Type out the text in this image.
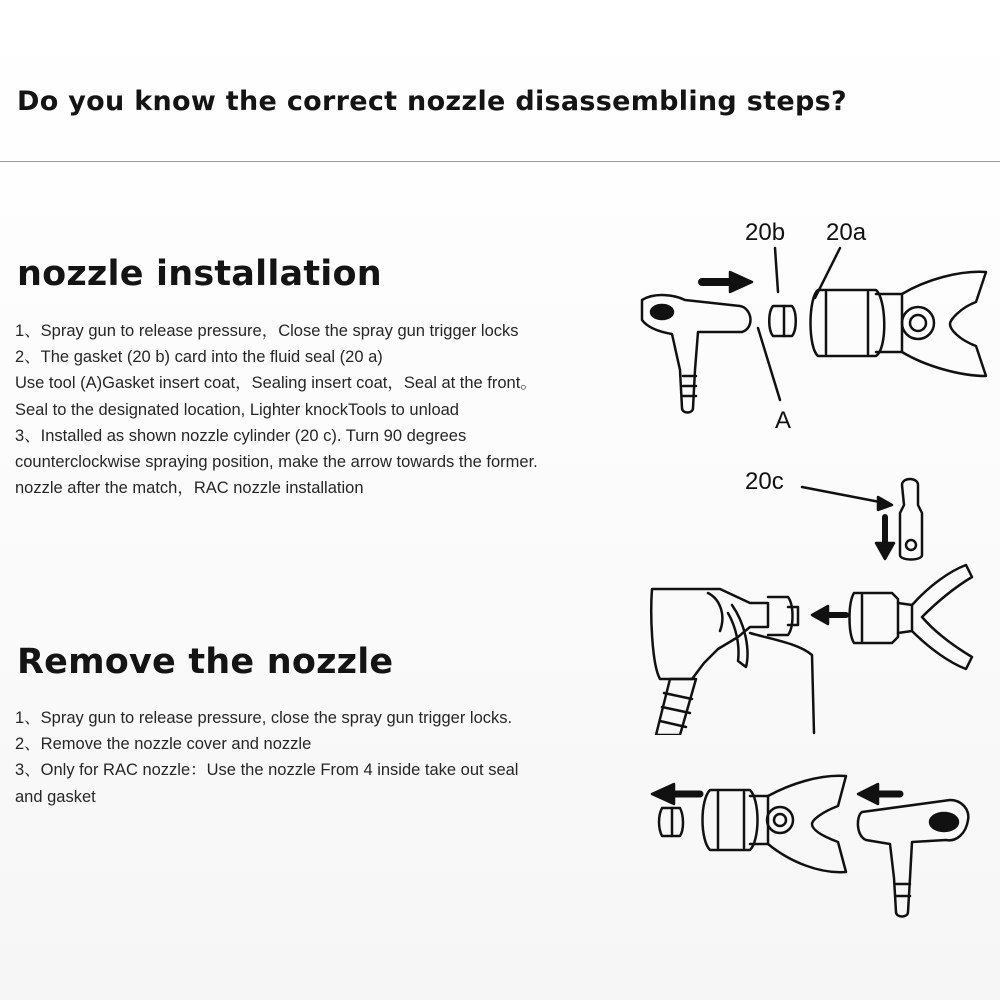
Do you know the correct nozzle disassembling steps?
nozzle installation
1、Spray gun to release pressure，Close the spray gun trigger locks
2、The gasket (20 b) card into the fluid seal (20 a)
Use tool (A)Gasket insert coat，Sealing insert coat，Seal at the front。
Seal to the designated location, Lighter knockTools to unload
3、Installed as shown nozzle cylinder (20 c). Turn 90 degrees
counterclockwise spraying position, make the arrow towards the former.
nozzle after the match，RAC nozzle installation
Remove the nozzle
1、Spray gun to release pressure, close the spray gun trigger locks.
2、Remove the nozzle cover and nozzle
3、Only for RAC nozzle：Use the nozzle From 4 inside take out seal
and gasket
20b 20a
A
20c
